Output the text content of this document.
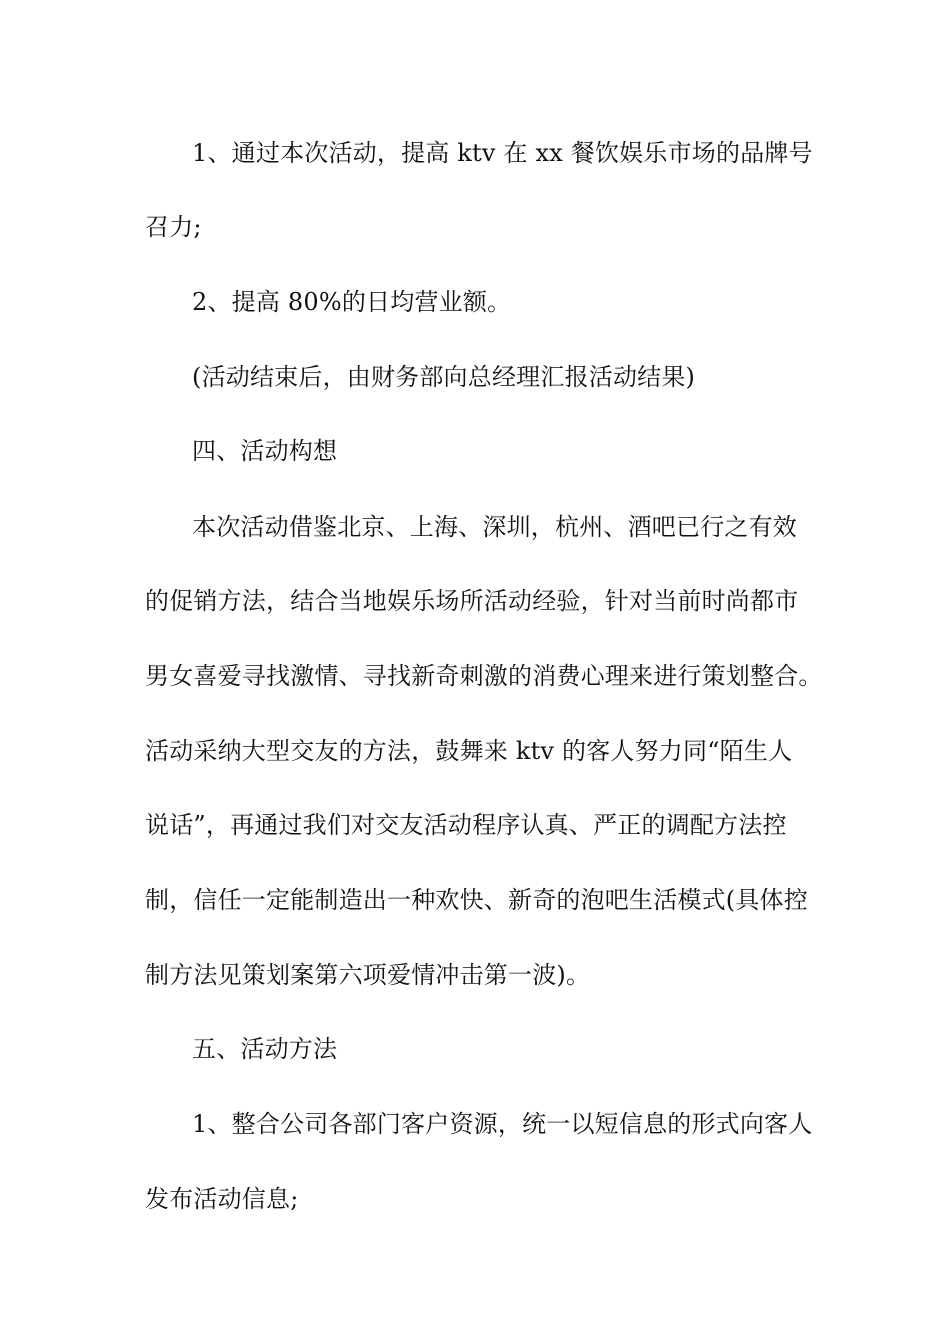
1、通过本次活动，提高 ktv 在 xx 餐饮娱乐市场的品牌号
召力;
2、提高 80%的日均营业额。
(活动结束后，由财务部向总经理汇报活动结果)
四、活动构想
本次活动借鉴北京、上海、深圳，杭州、酒吧已行之有效
的促销方法，结合当地娱乐场所活动经验，针对当前时尚都市
男女喜爱寻找激情、寻找新奇刺激的消费心理来进行策划整合。
活动采纳大型交友的方法，鼓舞来 ktv 的客人努力同“陌生人
说话”，再通过我们对交友活动程序认真、严正的调配方法控
制，信任一定能制造出一种欢快、新奇的泡吧生活模式(具体控
制方法见策划案第六项爱情冲击第一波)。
五、活动方法
1、整合公司各部门客户资源，统一以短信息的形式向客人
发布活动信息;
